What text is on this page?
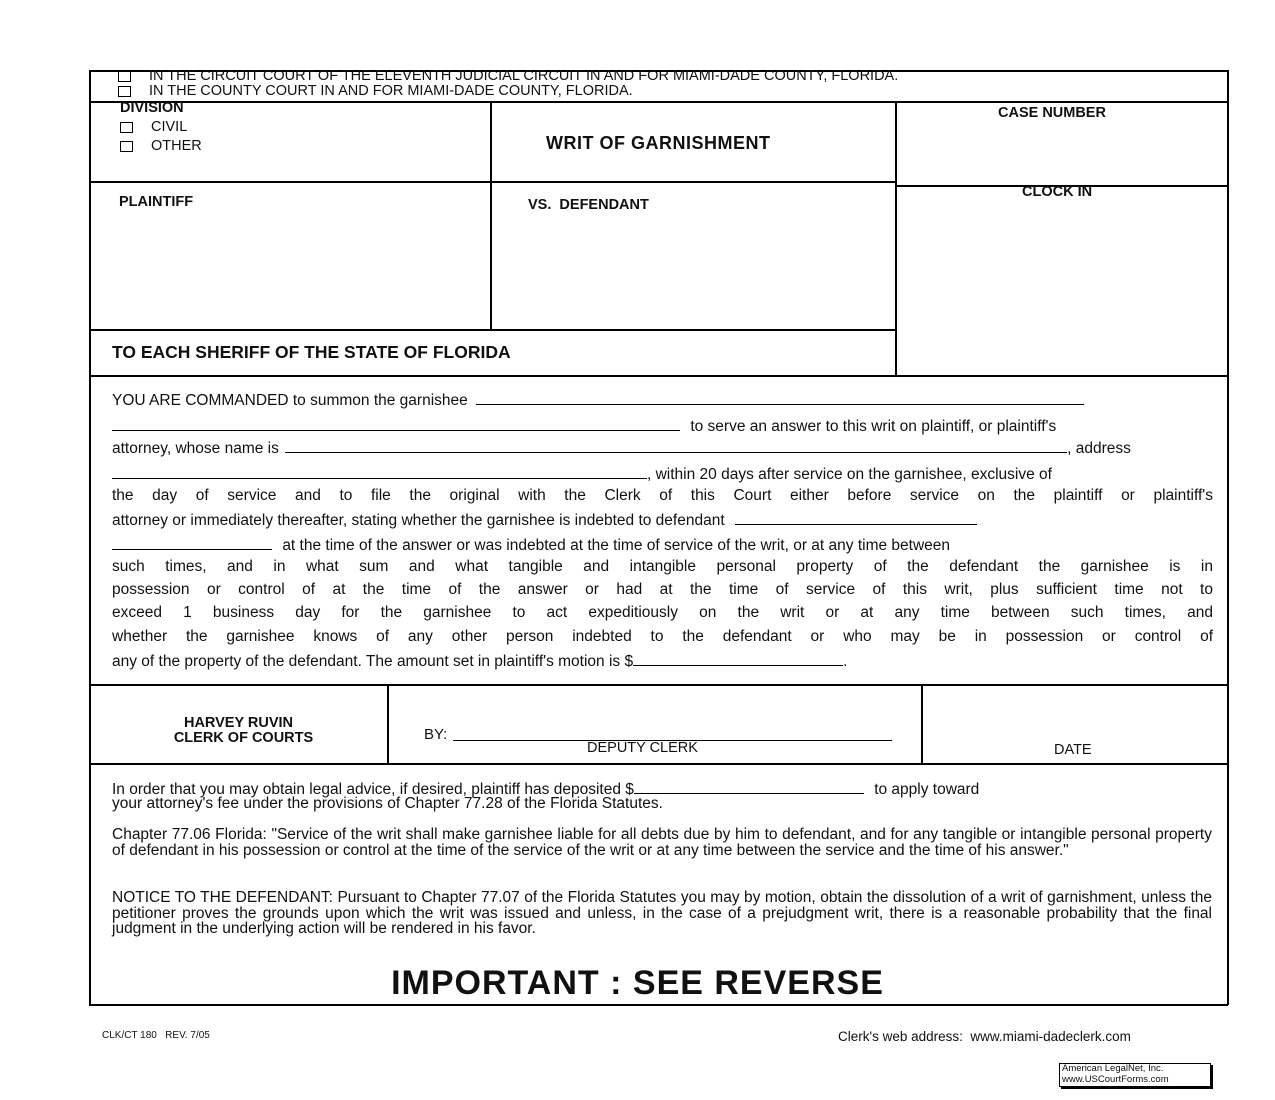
IN THE CIRCUIT COURT OF THE ELEVENTH JUDICIAL CIRCUIT IN AND FOR MIAMI-DADE COUNTY, FLORIDA.
IN THE COUNTY COURT IN AND FOR MIAMI-DADE COUNTY, FLORIDA.
DIVISION
CIVIL
OTHER	WRIT OF GARNISHMENT
CASE NUMBER
PLAINTIFF	VS.  DEFENDANT
CLOCK IN
TO EACH SHERIFF OF THE STATE OF FLORIDA
YOU ARE COMMANDED to summon the garnishee
to serve an answer to this writ on plaintiff, or plaintiff's
attorney, whose name is	, address
, within 20 days after service on the garnishee, exclusive of
the day of service and to file the original with the Clerk of this Court either before service on the plaintiff or plaintiff's
attorney or immediately thereafter, stating whether the garnishee is indebted to defendant
at the time of the answer or was indebted at the time of service of the writ, or at any time between
such times, and in what sum and what tangible and intangible personal property of the defendant the garnishee is in
possession or control of at the time of the answer or had at the time of service of this writ, plus sufficient time not to
exceed 1 business day for the garnishee to act expeditiously on the writ or at any time between such times, and
whether the garnishee knows of any other person indebted to the defendant or who may be in possession or control of
any of the property of the defendant. The amount set in plaintiff's motion is $	.
HARVEY RUVIN
CLERK OF COURTS	BY:
DEPUTY CLERK	DATE
In order that you may obtain legal advice, if desired, plaintiff has deposited $	to apply toward
your attorney's fee under the provisions of Chapter 77.28 of the Florida Statutes.
Chapter 77.06 Florida: "Service of the writ shall make garnishee liable for all debts due by him to defendant, and for any tangible or intangible personal property of defendant in his possession or control at the time of the service of the writ or at any time between the service and the time of his answer."
NOTICE TO THE DEFENDANT: Pursuant to Chapter 77.07 of the Florida Statutes you may by motion, obtain the dissolution of a writ of garnishment, unless the petitioner proves the grounds upon which the writ was issued and unless, in the case of a prejudgment writ, there is a reasonable probability that the final judgment in the underlying action will be rendered in his favor.
IMPORTANT : SEE REVERSE
CLK/CT 180   REV. 7/05	Clerk's web address:  www.miami-dadeclerk.com
American LegalNet, Inc.
www.USCourtForms.com
